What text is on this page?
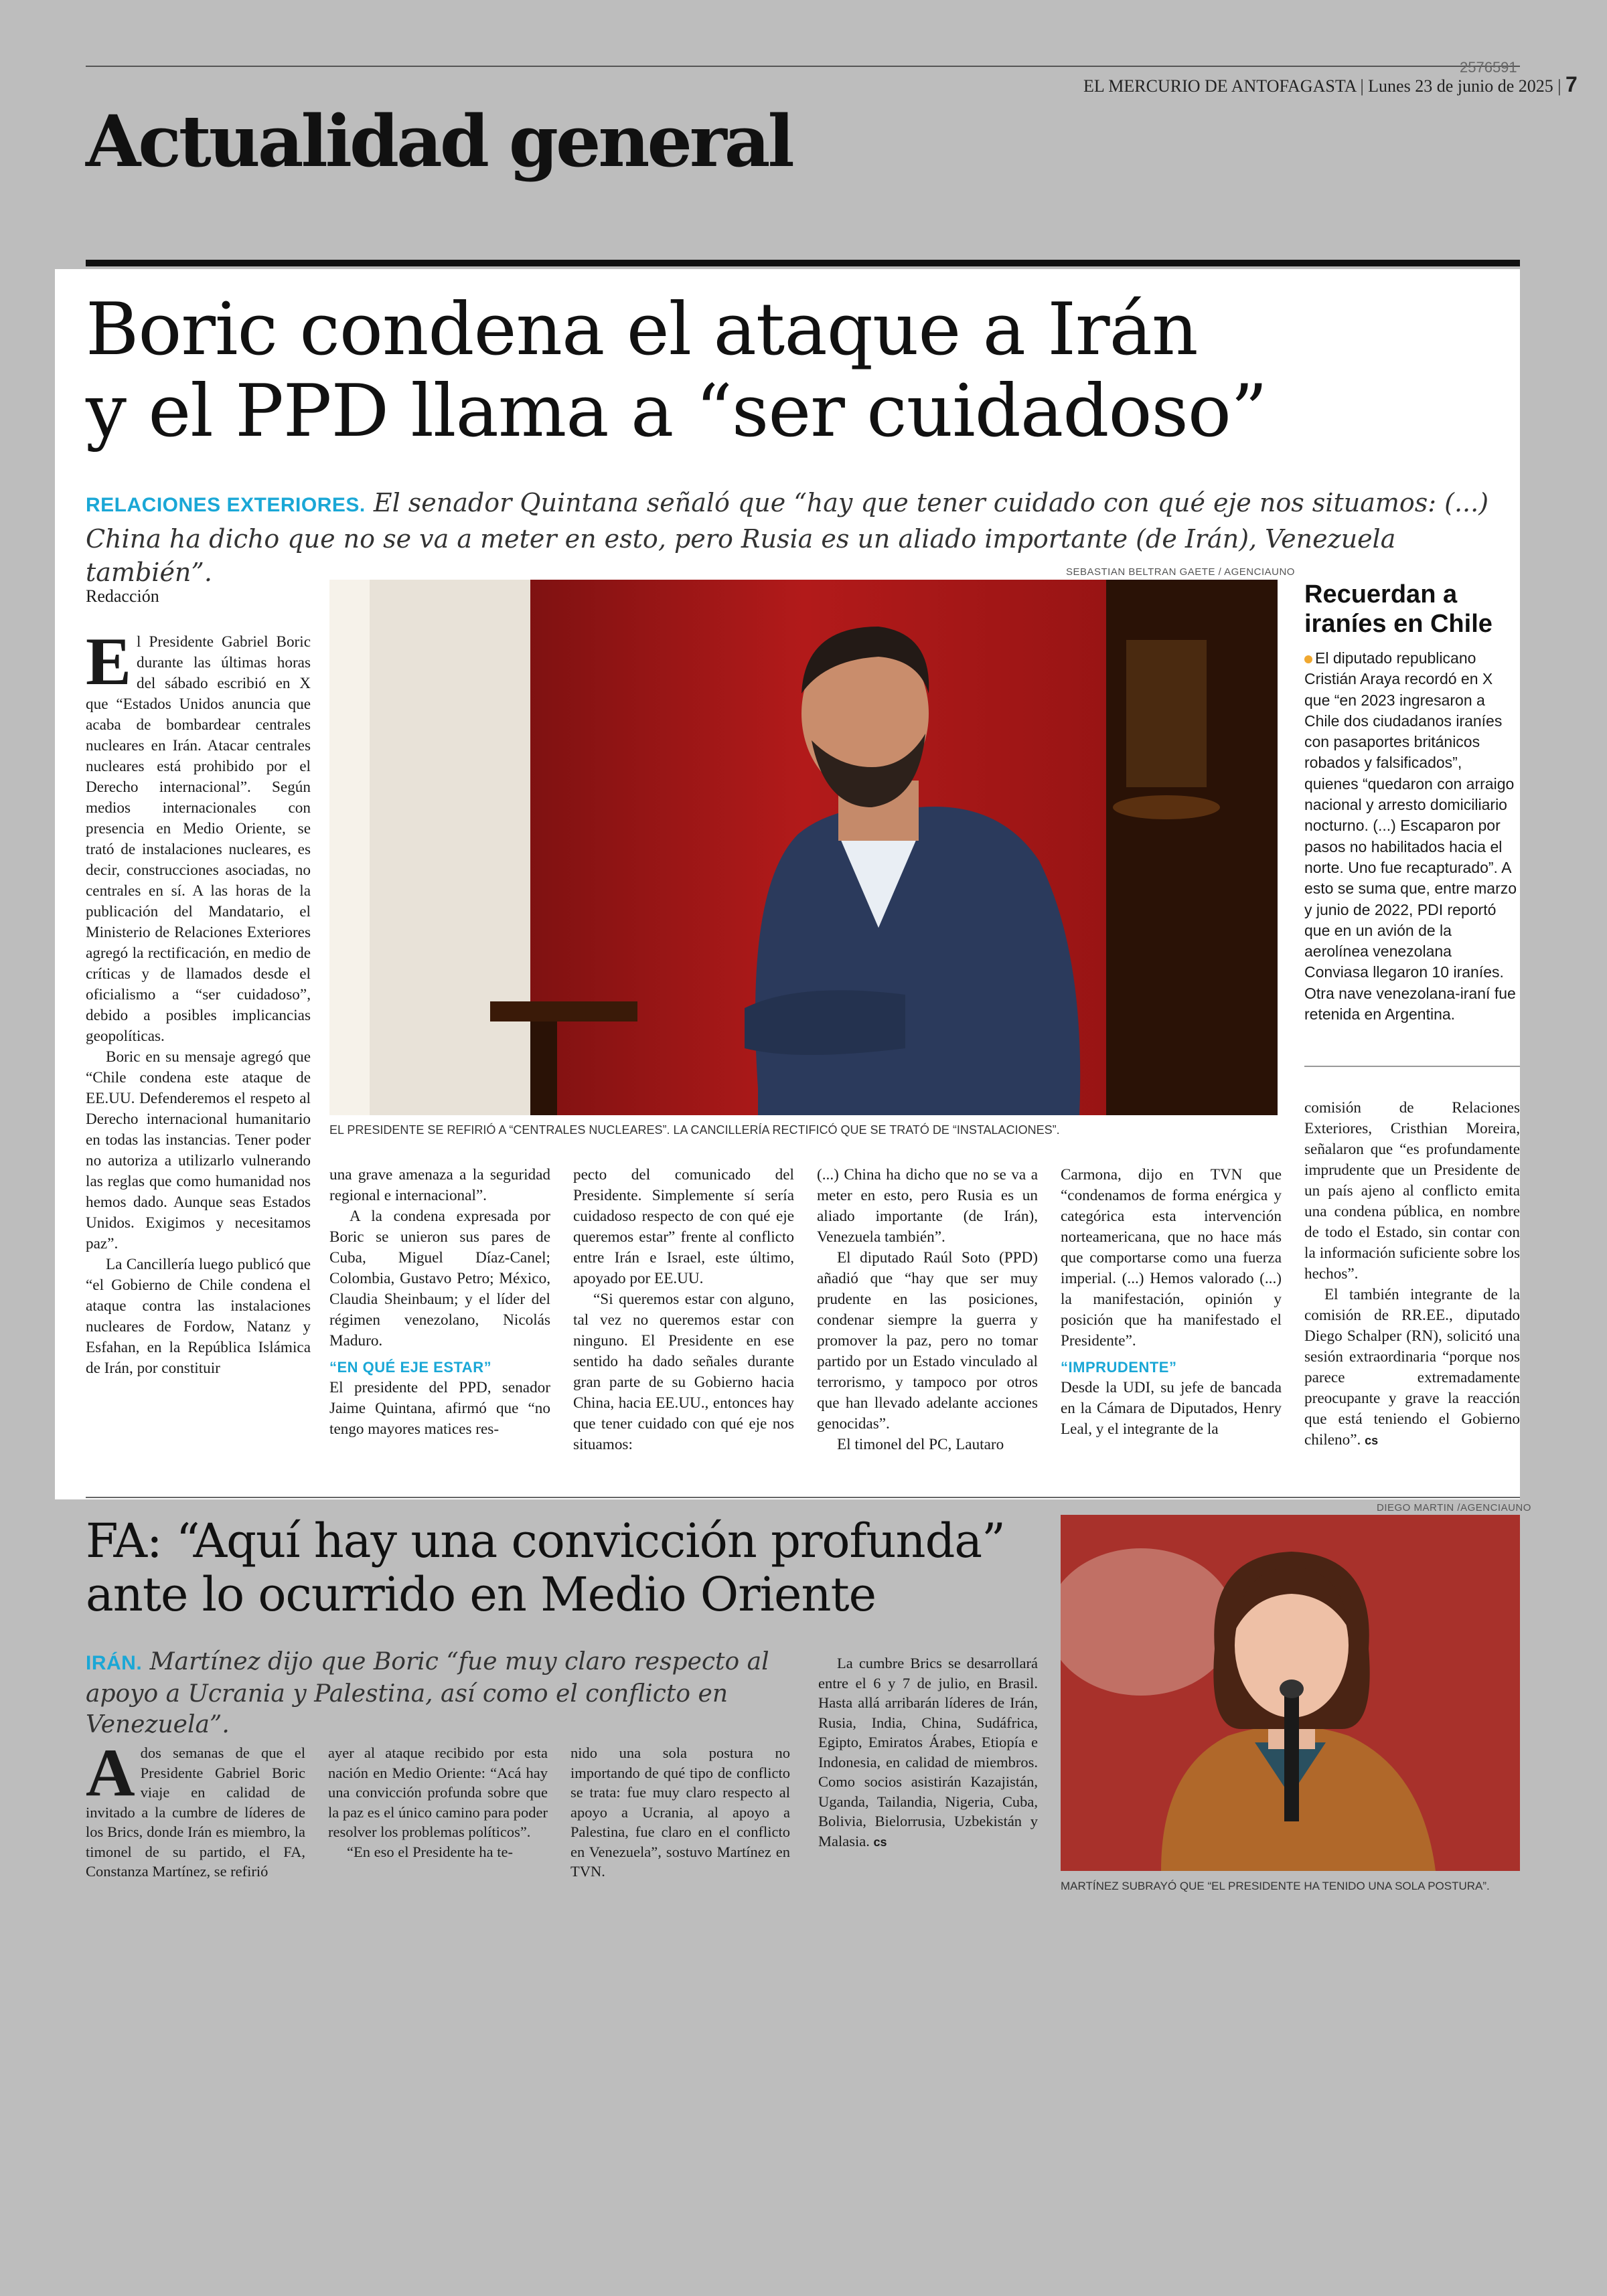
2576591
EL MERCURIO DE ANTOFAGASTA | Lunes 23 de junio de 2025 | 7
Actualidad general
Boric condena el ataque a Irán
y el PPD llama a “ser cuidadoso”
RELACIONES EXTERIORES. El senador Quintana señaló que “hay que tener cuidado con qué eje nos situamos: (...) China ha dicho que no se va a meter en esto, pero Rusia es un aliado importante (de Irán), Venezuela también”.	SEBASTIAN BELTRAN GAETE / AGENCIAUNO
EL PRESIDENTE SE REFIRIÓ A “CENTRALES NUCLEARES”. LA CANCILLERÍA RECTIFICÓ QUE SE TRATÓ DE “INSTALACIONES”.
Redacción

El Presidente Gabriel Boric durante las últimas horas del sábado escribió en X que “Estados Unidos anuncia que acaba de bombardear centrales nucleares en Irán. Atacar centrales nucleares está prohibido por el Derecho internacional”. Según medios internacionales con presencia en Medio Oriente, se trató de instalaciones nucleares, es decir, construcciones asociadas, no centrales en sí. A las horas de la publicación del Mandatario, el Ministerio de Relaciones Exteriores agregó la rectificación, en medio de críticas y de llamados desde el oficialismo a “ser cuidadoso”, debido a posibles implicancias geopolíticas.

Boric en su mensaje agregó que “Chile condena este ataque de EE.UU. Defenderemos el respeto al Derecho internacional humanitario en todas las instancias. Tener poder no autoriza a utilizarlo vulnerando las reglas que como humanidad nos hemos dado. Aunque seas Estados Unidos. Exigimos y necesitamos paz”.

La Cancillería luego publicó que “el Gobierno de Chile condena el ataque contra las instalaciones nucleares de Fordow, Natanz y Esfahan, en la República Islámica de Irán, por constituir

una grave amenaza a la seguridad regional e internacional”.

A la condena expresada por Boric se unieron sus pares de Cuba, Miguel Díaz-Canel; Colombia, Gustavo Petro; México, Claudia Sheinbaum; y el líder del régimen venezolano, Nicolás Maduro.

“EN QUÉ EJE ESTAR”

El presidente del PPD, senador Jaime Quintana, afirmó que “no tengo mayores matices res-

pecto del comunicado del Presidente. Simplemente sí sería cuidadoso respecto de con qué eje queremos estar” frente al conflicto entre Irán e Israel, este último, apoyado por EE.UU.

“Si queremos estar con alguno, tal vez no queremos estar con ninguno. El Presidente en ese sentido ha dado señales durante gran parte de su Gobierno hacia China, hacia EE.UU., entonces hay que tener cuidado con qué eje nos situamos:

(...) China ha dicho que no se va a meter en esto, pero Rusia es un aliado importante (de Irán), Venezuela también”.

El diputado Raúl Soto (PPD) añadió que “hay que ser muy prudente en las posiciones, condenar siempre la guerra y promover la paz, pero no tomar partido por un Estado vinculado al terrorismo, y tampoco por otros que han llevado adelante acciones genocidas”.

El timonel del PC, Lautaro

Carmona, dijo en TVN que “condenamos de forma enérgica y categórica esta intervención norteamericana, que no hace más que comportarse como una fuerza imperial. (...) Hemos valorado (...) la manifestación, opinión y posición que ha manifestado el Presidente”.

“IMPRUDENTE”

Desde la UDI, su jefe de bancada en la Cámara de Diputados, Henry Leal, y el integrante de la

comisión de Relaciones Exteriores, Cristhian Moreira, señalaron que “es profundamente imprudente que un Presidente de un país ajeno al conflicto emita una condena pública, en nombre de todo el Estado, sin contar con la información suficiente sobre los hechos”.

El también integrante de la comisión de RR.EE., diputado Diego Schalper (RN), solicitó una sesión extraordinaria “porque nos parece extremadamente preocupante y grave la reacción que está teniendo el Gobierno chileno”. cs

Recuerdan a
iraníes en Chile
El diputado republicano Cristián Araya recordó en X que “en 2023 ingresaron a Chile dos ciudadanos iraníes con pasaportes británicos robados y falsificados”, quienes “quedaron con arraigo nacional y arresto domiciliario nocturno. (...) Escaparon por pasos no habilitados hacia el norte. Uno fue recapturado”. A esto se suma que, entre marzo y junio de 2022, PDI reportó que en un avión de la aerolínea venezolana Conviasa llegaron 10 iraníes. Otra nave venezolana-iraní fue retenida en Argentina.
FA: “Aquí hay una convicción profunda”
ante lo ocurrido en Medio Oriente
IRÁN. Martínez dijo que Boric “fue muy claro respecto al apoyo a Ucrania y Palestina, así como el conflicto en Venezuela”.

Ados semanas de que el Presidente Gabriel Boric viaje en calidad de invitado a la cumbre de líderes de los Brics, donde Irán es miembro, la timonel de su partido, el FA, Constanza Martínez, se refirió

ayer al ataque recibido por esta nación en Medio Oriente: “Acá hay una convicción profunda sobre que la paz es el único camino para poder resolver los problemas políticos”.

“En eso el Presidente ha te-

nido una sola postura no importando de qué tipo de conflicto se trata: fue muy claro respecto al apoyo a Ucrania, al apoyo a Palestina, fue claro en el conflicto en Venezuela”, sostuvo Martínez en TVN.

La cumbre Brics se desarrollará entre el 6 y 7 de julio, en Brasil. Hasta allá arribarán líderes de Irán, Rusia, India, China, Sudáfrica, Egipto, Emiratos Árabes, Etiopía e Indonesia, en calidad de miembros. Como socios asistirán Kazajistán, Uganda, Tailandia, Nigeria, Cuba, Bolivia, Bielorrusia, Uzbekistán y Malasia. cs

DIEGO MARTIN /AGENCIAUNO
MARTÍNEZ SUBRAYÓ QUE “EL PRESIDENTE HA TENIDO UNA SOLA POSTURA”.
